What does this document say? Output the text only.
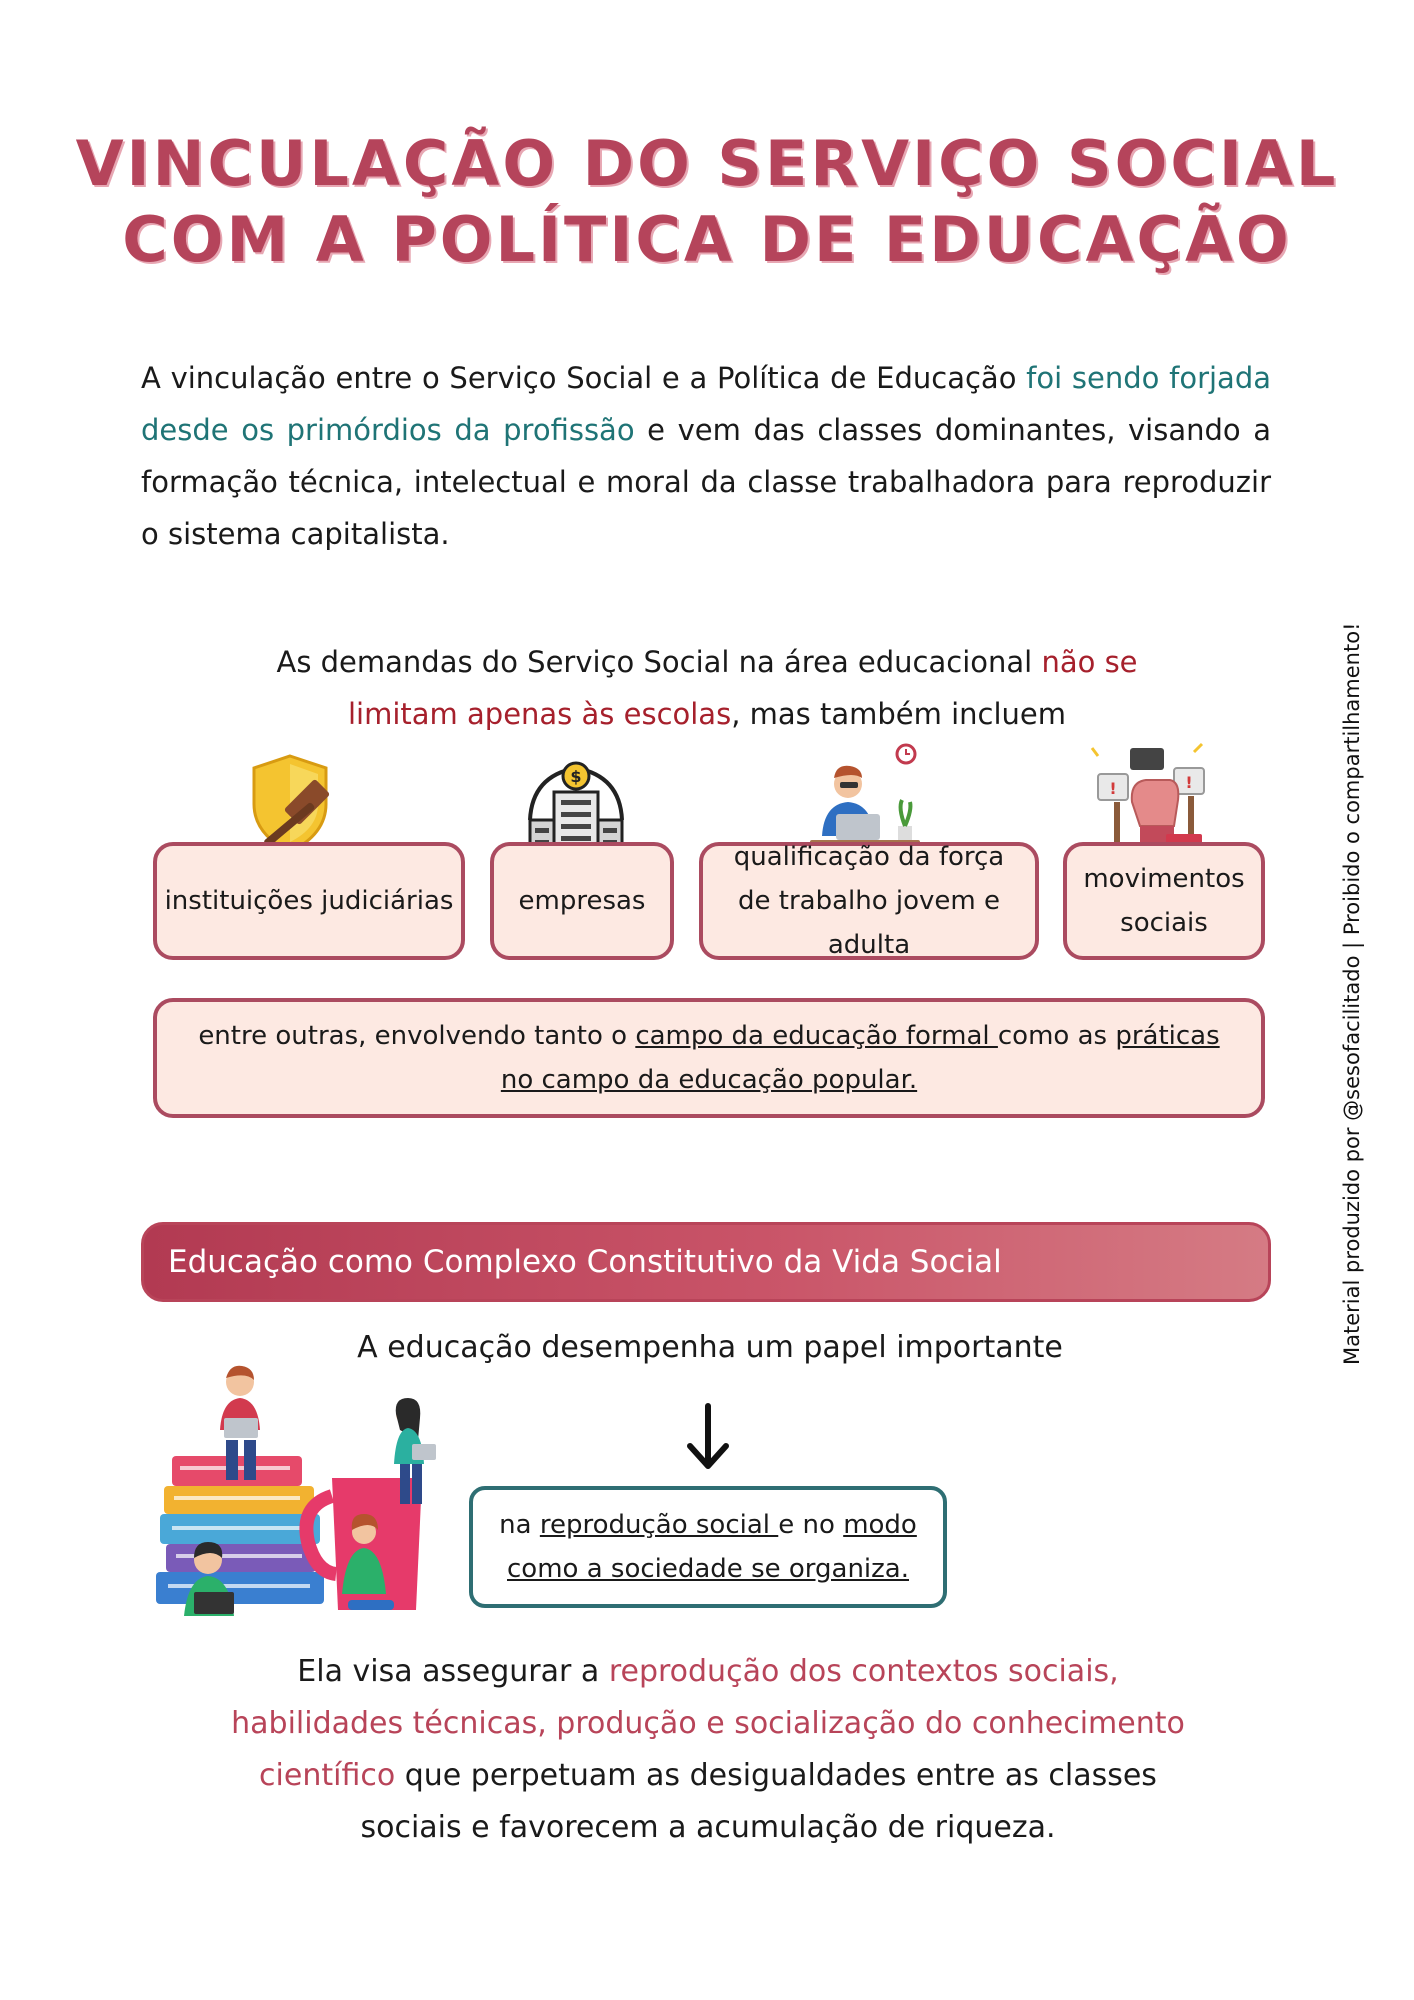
VINCULAÇÃO DO SERVIÇO SOCIAL
COM A POLÍTICA DE EDUCAÇÃO

A vinculação entre o Serviço Social e a Política de Educação foi sendo forjada desde os primórdios da profissão e vem das classes dominantes, visando a formação técnica, intelectual e moral da classe trabalhadora para reproduzir o sistema capitalista.

As demandas do Serviço Social na área educacional não se limitam apenas às escolas, mas também incluem

$
!	!
instituições judiciárias	empresas
qualificação da força de trabalho jovem e adulta
movimentos sociais
entre outras, envolvendo tanto o campo da educação formal como as práticas no campo da educação popular.
Educação como Complexo Constitutivo da Vida Social

A educação desempenha um papel importante

na reprodução social e no modo
como a sociedade se organiza.

Ela visa assegurar a reprodução dos contextos sociais, habilidades técnicas, produção e socialização do conhecimento científico que perpetuam as desigualdades entre as classes sociais e favorecem a acumulação de riqueza.

Material produzido por @sesofacilitado | Proibido o compartilhamento!
